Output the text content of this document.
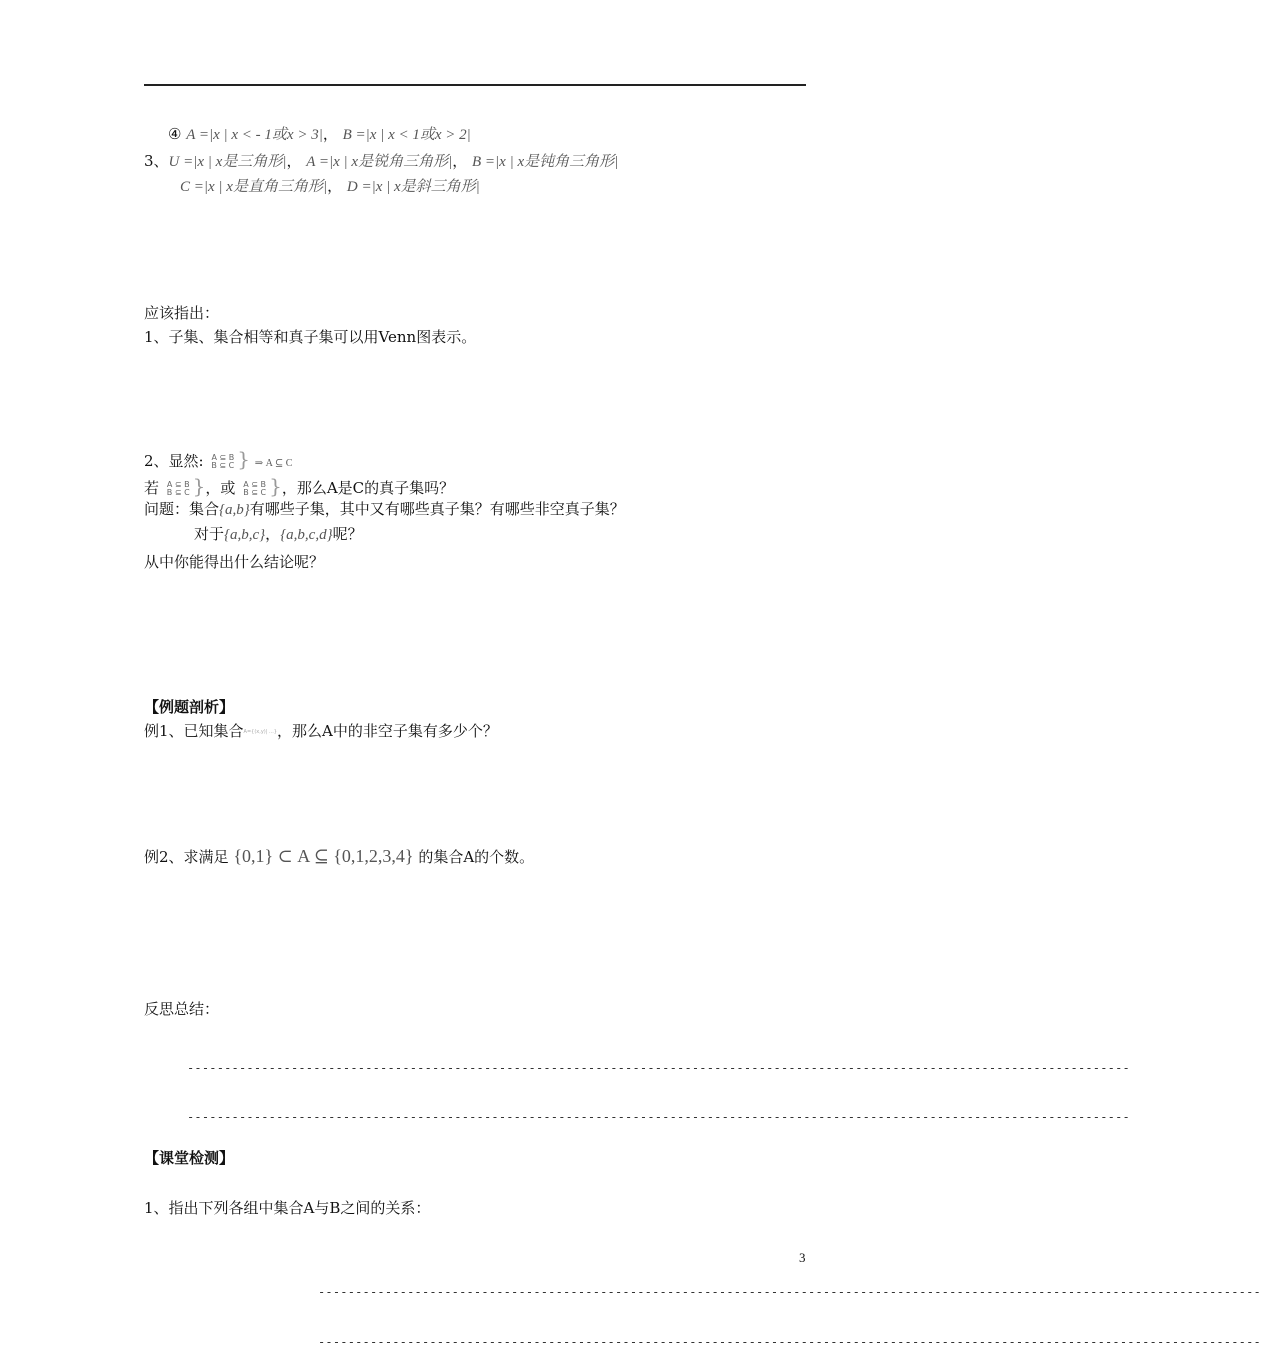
④ A =|x | x < - 1或x > 3|， B =|x | x < 1或x > 2|
3、U =|x | x是三角形|， A =|x | x是锐角三角形|， B =|x | x是钝角三角形|
C =|x | x是直角三角形|， D =|x | x是斜三角形|
应该指出：
1、子集、集合相等和真子集可以用Venn图表示。
2、显然: A ⊆ B
B ⊆ C } ⇒ A ⊆ C
若 A ⊆ B
B ⊆ C }，或 A ⊆ B
B ⊆ C }，那么A是C的真子集吗？
问题：集合{a,b}有哪些子集，其中又有哪些真子集？有哪些非空真子集？
对于{a,b,c}，{a,b,c,d}呢？
从中你能得出什么结论呢？
【例题剖析】
例1、已知集合A={(x,y)| ...}，那么A中的非空子集有多少个？
例2、求满足 {0,1} ⊂ A ⊆ {0,1,2,3,4} 的集合A的个数。
反思总结：
-------------------------------------------------------------------------------------------------------------------------------
-------------------------------------------------------------------------------------------------------------------------------
【课堂检测】
1、指出下列各组中集合A与B之间的关系：
3
-------------------------------------------------------------------------------------------------------------------------------
-------------------------------------------------------------------------------------------------------------------------------
